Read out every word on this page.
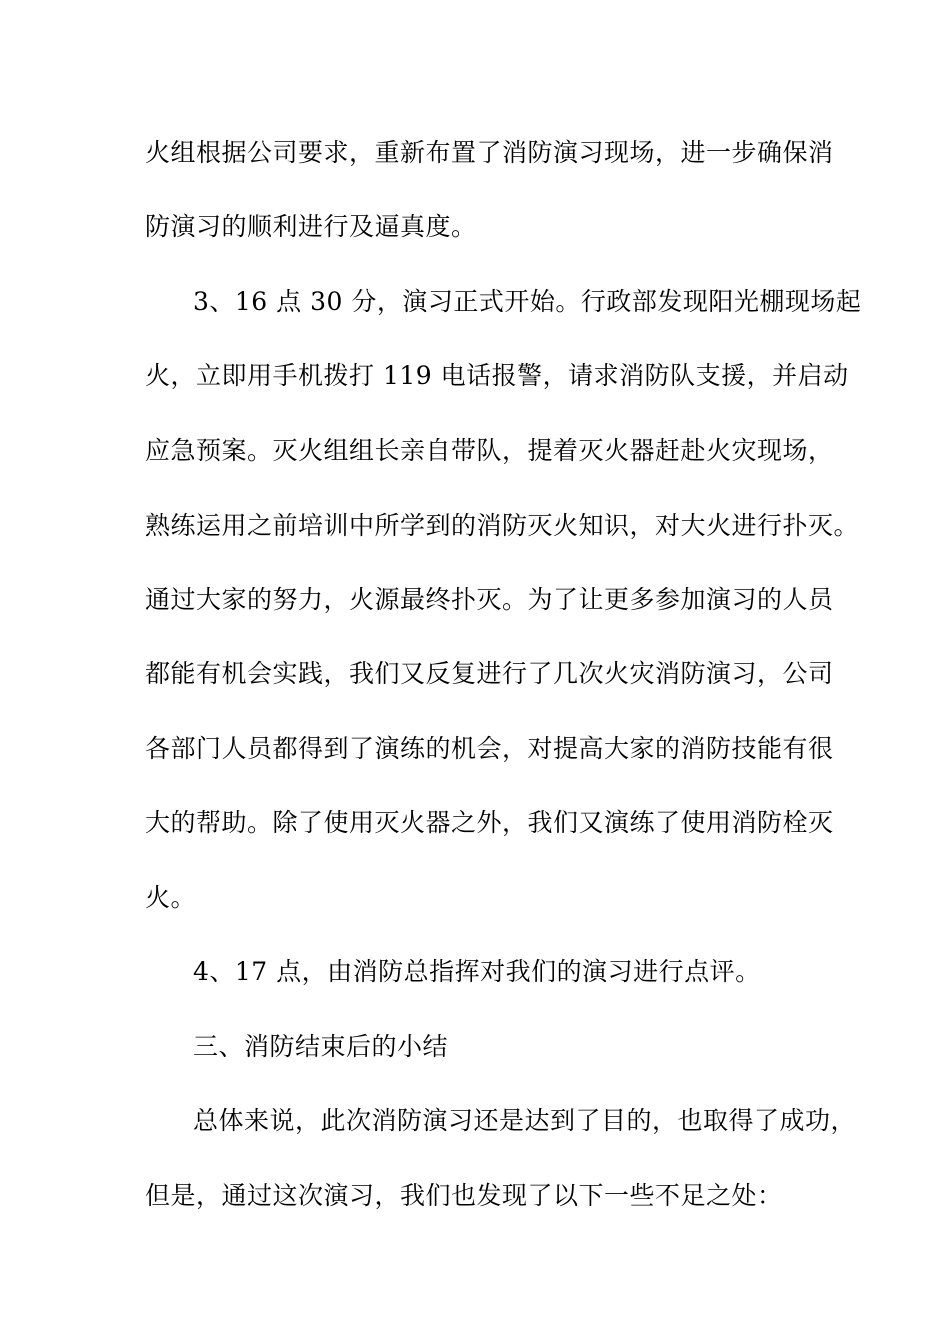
火组根据公司要求，重新布置了消防演习现场，进一步确保消
防演习的顺利进行及逼真度。
3、16 点 30 分，演习正式开始。行政部发现阳光棚现场起
火，立即用手机拨打 119 电话报警，请求消防队支援，并启动
应急预案。灭火组组长亲自带队，提着灭火器赶赴火灾现场，
熟练运用之前培训中所学到的消防灭火知识，对大火进行扑灭。
通过大家的努力，火源最终扑灭。为了让更多参加演习的人员
都能有机会实践，我们又反复进行了几次火灾消防演习，公司
各部门人员都得到了演练的机会，对提高大家的消防技能有很
大的帮助。除了使用灭火器之外，我们又演练了使用消防栓灭
火。
4、17 点，由消防总指挥对我们的演习进行点评。
三、消防结束后的小结
总体来说，此次消防演习还是达到了目的，也取得了成功，
但是，通过这次演习，我们也发现了以下一些不足之处：
